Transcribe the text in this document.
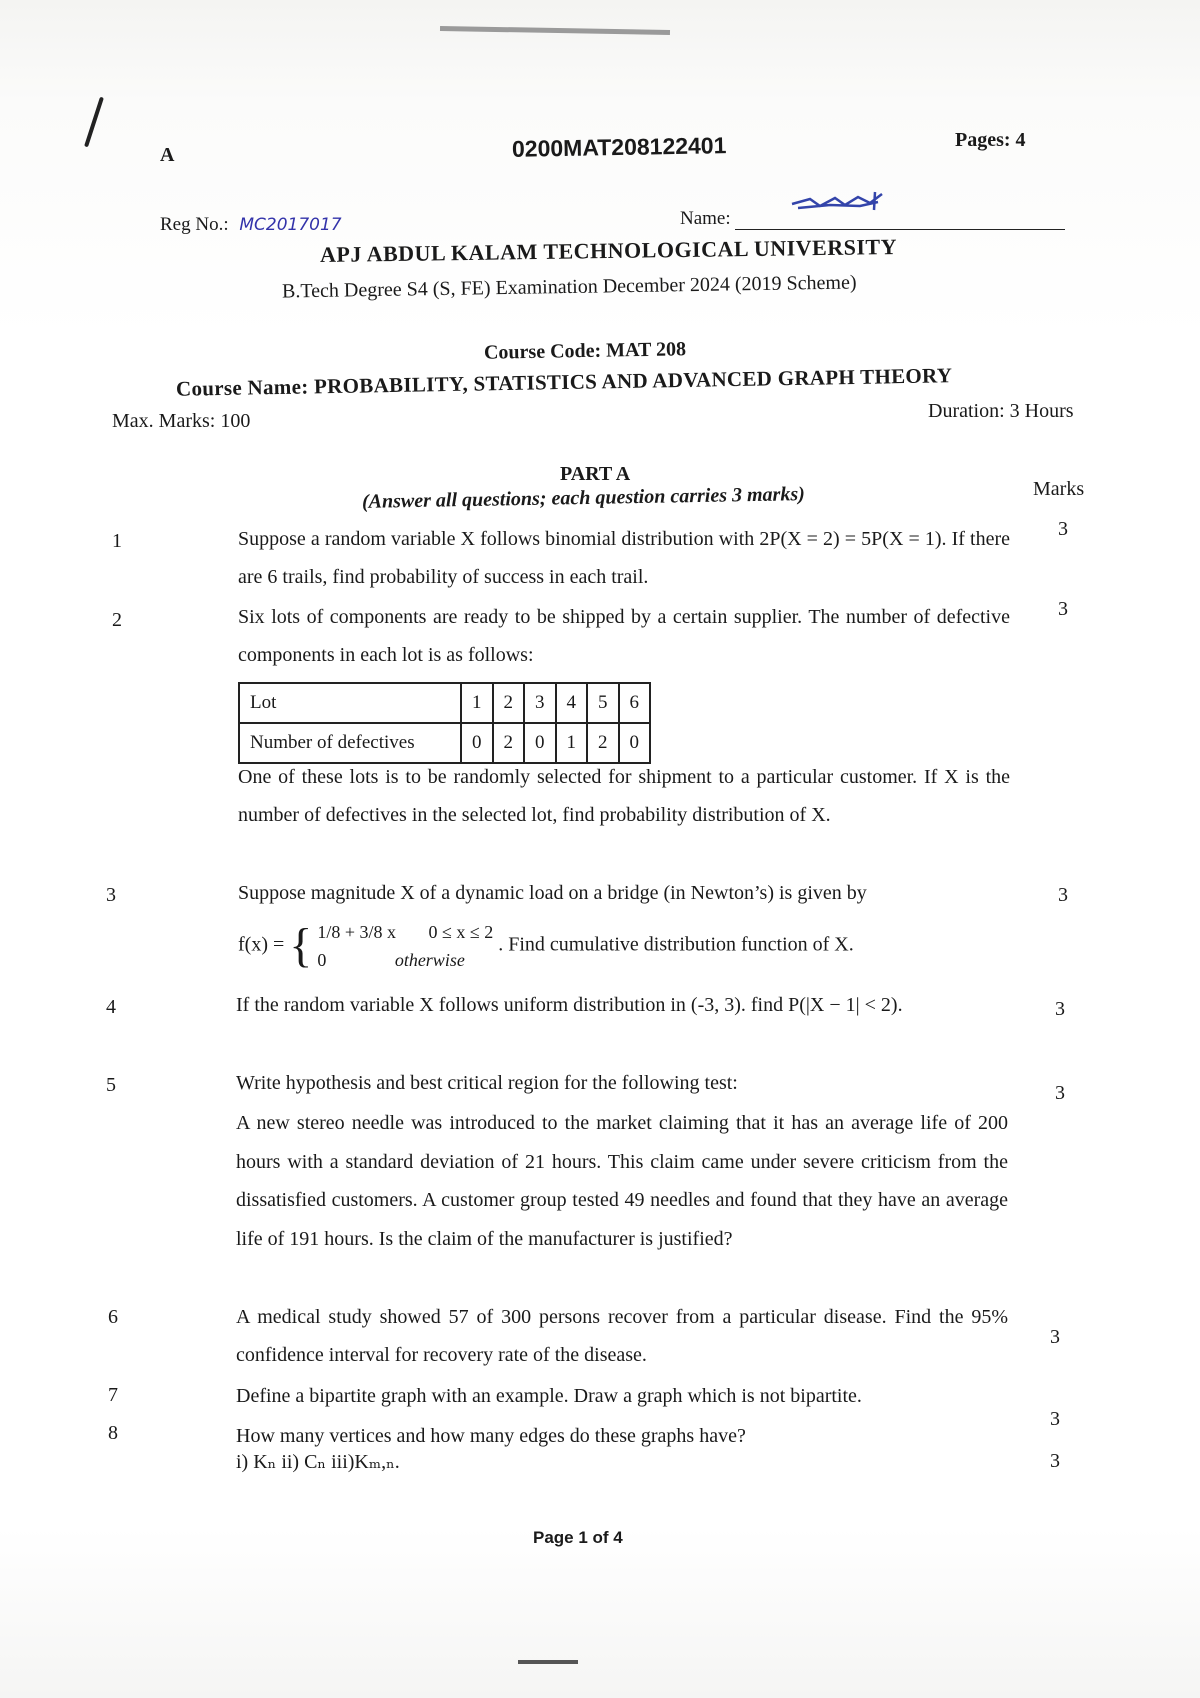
A	0200MAT208122401	Pages: 4
Reg No.: MC2017017	Name:
APJ ABDUL KALAM TECHNOLOGICAL UNIVERSITY
B.Tech Degree S4 (S, FE) Examination December 2024 (2019 Scheme)
Course Code: MAT 208
Course Name: PROBABILITY, STATISTICS AND ADVANCED GRAPH THEORY
Max. Marks: 100	Duration: 3 Hours
PART A
(Answer all questions; each question carries 3 marks)	Marks
1	Suppose a random variable X follows binomial distribution with 2P(X = 2) = 5P(X = 1). If there are 6 trails, find probability of success in each trail.
3
2	Six lots of components are ready to be shipped by a certain supplier. The number of defective components in each lot is as follows:
3
Lot	1	2	3	4	5	6
Number of defectives	0	2	0	1	2	0
One of these lots is to be randomly selected for shipment to a particular customer. If X is the number of defectives in the selected lot, find probability distribution of X.
3	Suppose magnitude X of a dynamic load on a bridge (in Newton’s) is given by	3
f(x) = { 1/8 + 3/8 x 0 ≤ x ≤ 2
0	otherwise . Find cumulative distribution function of X.
4	If the random variable X follows uniform distribution in (-3, 3). find P(|X − 1| < 2).	3
5	Write hypothesis and best critical region for the following test:	3
A new stereo needle was introduced to the market claiming that it has an average life of 200 hours with a standard deviation of 21 hours. This claim came under severe criticism from the dissatisfied customers. A customer group tested 49 needles and found that they have an average life of 191 hours. Is the claim of the manufacturer is justified?
6	A medical study showed 57 of 300 persons recover from a particular disease. Find the 95% confidence interval for recovery rate of the disease.
3
7	Define a bipartite graph with an example. Draw a graph which is not bipartite.
3
8	How many vertices and how many edges do these graphs have?
i) Kₙ ii) Cₙ iii)Kₘ,ₙ.	3
Page 1 of 4
